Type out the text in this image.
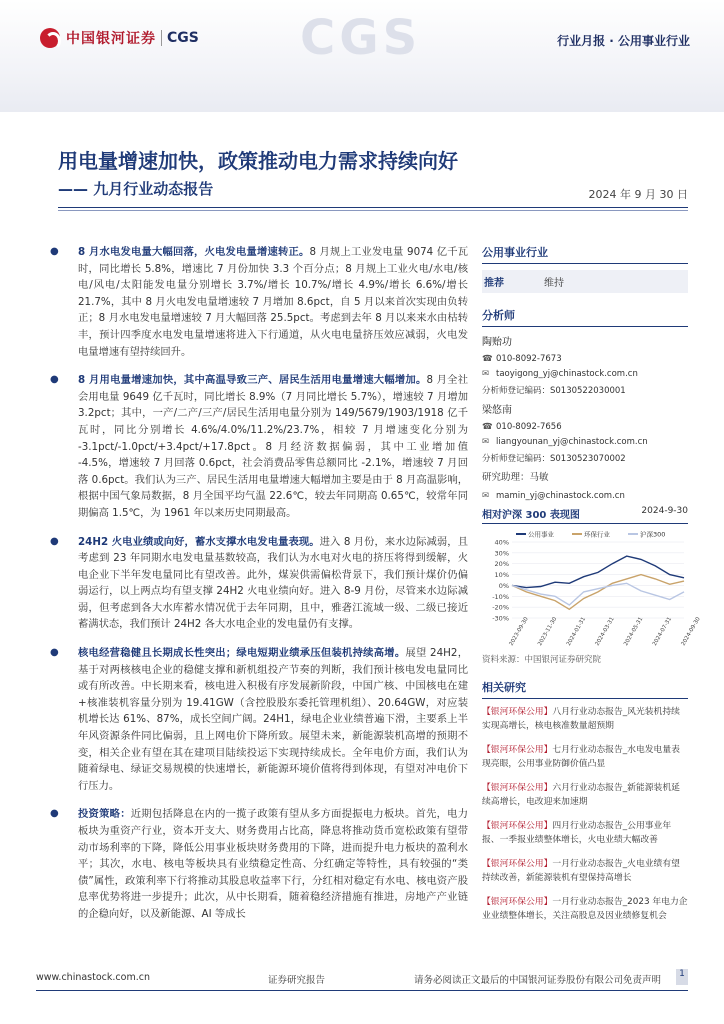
中国银河证券 CGS CGS	行业月报 · 公用事业行业
用电量增速加快，政策推动电力需求持续向好
—— 九月行业动态报告	2024 年 9 月 30 日
● 8 月水电发电量大幅回落，火电发电量增速转正。8 月规上工业发电量 9074 亿千瓦时，同比增长 5.8%，增速比 7 月份加快 3.3 个百分点；8 月规上工业火电/水电/核电/风电/太阳能发电量分别增长 3.7%/增长 10.7%/增长 4.9%/增长 6.6%/增长 21.7%，其中 8 月火电发电量增速较 7 月增加 8.6pct，自 5 月以来首次实现由负转正；8 月水电发电量增速较 7 月大幅回落 25.5pct。考虑到去年 8 月以来来水由枯转丰，预计四季度水电发电量增速将进入下行通道，从火电电量挤压效应减弱，火电发电量增速有望持续回升。
● 8 月用电量增速加快，其中高温导致三产、居民生活用电量增速大幅增加。8 月全社会用电量 9649 亿千瓦时，同比增长 8.9%（7 月同比增长 5.7%），增速较 7 月增加 3.2pct；其中，一产/二产/三产/居民生活用电量分别为 149/5679/1903/1918 亿千瓦时，同比分别增长 4.6%/4.0%/11.2%/23.7%，相较 7 月增速变化分别为 -3.1pct/-1.0pct/+3.4pct/+17.8pct。8 月经济数据偏弱，其中工业增加值 -4.5%，增速较 7 月回落 0.6pct，社会消费品零售总额同比 -2.1%，增速较 7 月回落 0.6pct。我们认为三产、居民生活用电量增速大幅增加主要是由于 8 月高温影响，根据中国气象局数据，8 月全国平均气温 22.6℃，较去年同期高 0.65℃，较常年同期偏高 1.5℃，为 1961 年以来历史同期最高。
● 24H2 火电业绩或向好，蓄水支撑水电发电量表现。进入 8 月份，来水边际减弱，且考虑到 23 年同期水电发电量基数较高，我们认为水电对火电的挤压将得到缓解，火电企业下半年发电量同比有望改善。此外，煤炭供需偏松背景下，我们预计煤价仍偏弱运行，以上两点均有望支撑 24H2 火电业绩向好。进入 8-9 月份，尽管来水边际减弱，但考虑到各大水库蓄水情况优于去年同期，且中，雅砻江流域一级、二级已接近蓄满状态，我们预计 24H2 各大水电企业的发电量仍有支撑。
● 核电经营稳健且长期成长性突出；绿电短期业绩承压但装机持续高增。展望 24H2，基于对两核核电企业的稳健支撑和新机组投产节奏的判断，我们预计核电发电量同比或有所改善。中长期来看，核电进入积极有序发展新阶段，中国广核、中国核电在建+核准装机容量分别为 19.41GW（含控股股东委托管理机组）、20.64GW，对应装机增长达 61%、87%，成长空间广阔。24H1，绿电企业业绩普遍下滑，主要系上半年风资源条件同比偏弱，且上网电价下降所致。展望未来，新能源装机高增的预期不变，相关企业有望在其在建项目陆续投运下实现持续成长。全年电价方面，我们认为随着绿电、绿证交易规模的快速增长，新能源环境价值将得到体现，有望对冲电价下行压力。
● 投资策略：近期包括降息在内的一揽子政策有望从多方面提振电力板块。首先，电力板块为重资产行业，资本开支大、财务费用占比高，降息将推动货币宽松政策有望带动市场利率的下降，降低公用事业板块财务费用的下降，进而提升电力板块的盈利水平；其次，水电、核电等板块具有业绩稳定性高、分红确定等特性，具有较强的“类债”属性，政策利率下行将推动其股息收益率下行，分红相对稳定有水电、核电资产股息率优势将进一步提升；此次，从中长期看，随着稳经济措施有推进，房地产产业链的企稳向好，以及新能源、AI 等成长
公用事业行业
推荐	维持
分析师
陶贻功
☎ 010-8092-7673
✉ taoyigong_yj@chinastock.com.cn
分析师登记编码：S0130522030001
梁悠南
☎ 010-8092-7656
✉ liangyounan_yj@chinastock.com.cn
分析师登记编码：S0130523070002
研究助理：马敏
✉ mamin_yj@chinastock.com.cn
相对沪深 300 表现图	2024-9-30
40%
30%
20%
10%
0%
-10%
-20%
-30% 2023-09-30 2023-11-30 2024-01-31 2024-03-31 2024-05-31 2024-07-31 2024-09-30
公用事业	环保行业	沪深300
资料来源：中国银河证券研究院
相关研究
【银河环保公用】八月行业动态报告_风光装机持续实现高增长，核电核准数量超预期
【银河环保公用】七月行业动态报告_水电发电量表现亮眼，公用事业防御价值凸显
【银河环保公用】六月行业动态报告_新能源装机延续高增长，电改迎来加速期
【银河环保公用】四月行业动态报告_公用事业年报、一季报业绩整体增长，火电业绩大幅改善
【银河环保公用】一月行业动态报告_火电业绩有望持续改善，新能源装机有望保持高增长
【银河环保公用】一月行业动态报告_2023 年电力企业业绩整体增长，关注高股息及因业绩修复机会
www.chinastock.com.cn	证券研究报告	请务必阅读正文最后的中国银河证券股份有限公司免责声明
1
